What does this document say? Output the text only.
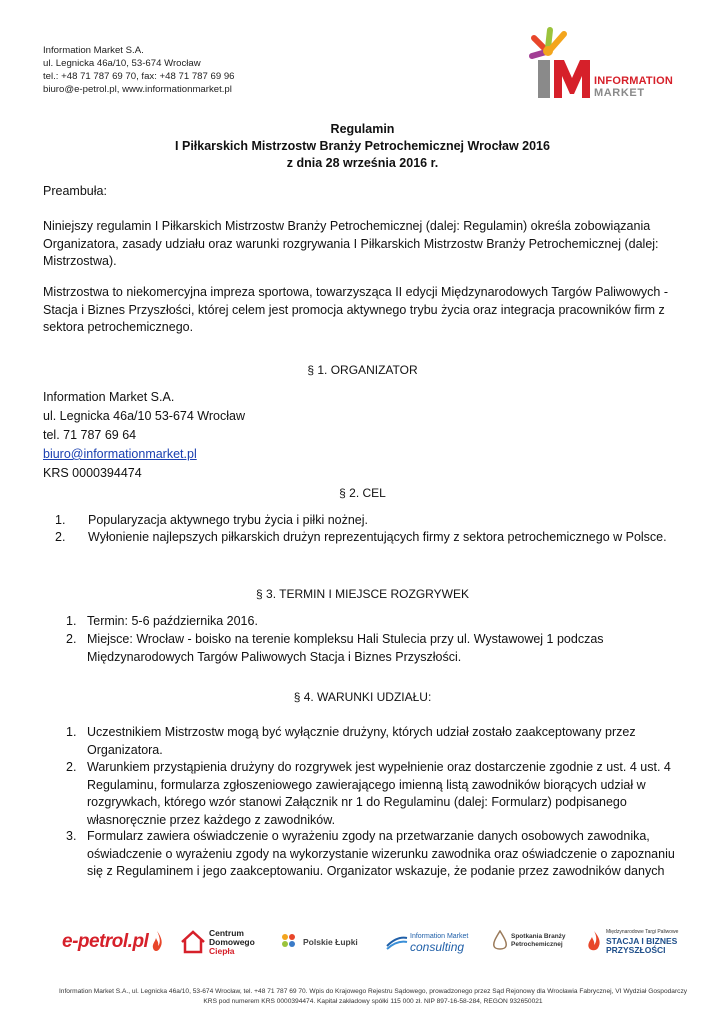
Information Market S.A.
ul. Legnicka 46a/10, 53-674 Wrocław
tel.: +48 71 787 69 70, fax: +48 71 787 69 96
biuro@e-petrol.pl, www.informationmarket.pl
INFORMATION
MARKET
Regulamin
I Piłkarskich Mistrzostw Branży Petrochemicznej Wrocław 2016
z dnia 28 września 2016 r.
Preambuła:
Niniejszy regulamin I Piłkarskich Mistrzostw Branży Petrochemicznej (dalej: Regulamin) określa zobowiązania Organizatora, zasady udziału oraz warunki rozgrywania I Piłkarskich Mistrzostw Branży Petrochemicznej (dalej: Mistrzostwa).
Mistrzostwa to niekomercyjna impreza sportowa, towarzysząca II edycji Międzynarodowych Targów Paliwowych - Stacja i Biznes Przyszłości, której celem jest promocja aktywnego trybu życia oraz integracja pracowników firm z sektora petrochemicznego.
§ 1. ORGANIZATOR
Information Market S.A.
ul. Legnicka 46a/10 53-674 Wrocław
tel. 71 787 69 64
biuro@informationmarket.pl
KRS 0000394474
§ 2. CEL
1. Popularyzacja aktywnego trybu życia i piłki nożnej.
2. Wyłonienie najlepszych piłkarskich drużyn reprezentujących firmy z sektora petrochemicznego w Polsce.
§ 3. TERMIN I MIEJSCE ROZGRYWEK
1. Termin: 5-6 października 2016.
2. Miejsce: Wrocław - boisko na terenie kompleksu Hali Stulecia przy ul. Wystawowej 1 podczas Międzynarodowych Targów Paliwowych Stacja i Biznes Przyszłości.
§ 4. WARUNKI UDZIAŁU:
1. Uczestnikiem Mistrzostw mogą być wyłącznie drużyny, których udział zostało zaakceptowany przez Organizatora.
2. Warunkiem przystąpienia drużyny do rozgrywek jest wypełnienie oraz dostarczenie zgodnie z ust. 4 ust. 4 Regulaminu, formularza zgłoszeniowego zawierającego imienną listą zawodników biorących udział w rozgrywkach, którego wzór stanowi Załącznik nr 1 do Regulaminu (dalej: Formularz) podpisanego własnoręcznie przez każdego z zawodników.
3. Formularz zawiera oświadczenie o wyrażeniu zgody na przetwarzanie danych osobowych zawodnika, oświadczenie o wyrażeniu zgody na wykorzystanie wizerunku zawodnika oraz oświadczenie o zapoznaniu się z Regulaminem i jego zaakceptowaniu. Organizator wskazuje, że podanie przez zawodników danych
e-petrol.pl	Centrum
Domowego
Ciepła
Polskie Łupki
Information Market
consulting
Spotkania Branży
Petrochemicznej
Międzynarodowe Targi Paliwowe
STACJA I BIZNES
PRZYSZŁOŚCI
Information Market S.A., ul. Legnicka 46a/10, 53-674 Wrocław, tel. +48 71 787 69 70. Wpis do Krajowego Rejestru Sądowego, prowadzonego przez Sąd Rejonowy dla Wrocławia Fabrycznej, VI Wydział Gospodarczy KRS pod numerem KRS 0000394474. Kapitał zakładowy spółki 115 000 zł. NIP 897-16-58-284, REGON 932650021
